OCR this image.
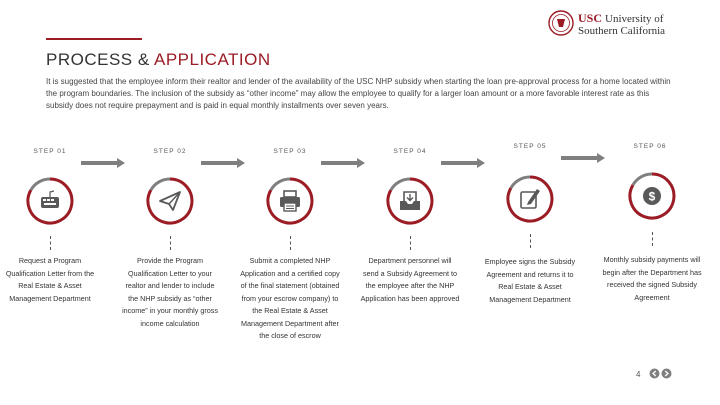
PROCESS & APPLICATION
USC University of
Southern California
It is suggested that the employee inform their realtor and lender of the availability of the USC NHP subsidy when starting the loan pre-approval process for a home located within the program boundaries. The inclusion of the subsidy as “other income” may allow the employee to qualify for a larger loan amount or a more favorable interest rate as this subsidy does not require prepayment and is paid in equal monthly installments over seven years.
STEP 01
Request a Program Qualification Letter from the Real Estate & Asset Management Department
STEP 02
Provide the Program Qualification Letter to your realtor and lender to include the NHP subsidy as “other income” in your monthly gross income calculation
STEP 03
Submit a completed NHP Application and a certified copy of the final statement (obtained from your escrow company) to the Real Estate & Asset Management Department after the close of escrow
STEP 04
Department personnel will send a Subsidy Agreement to the employee after the NHP Application has been approved
STEP 05
Employee signs the Subsidy Agreement and returns it to Real Estate & Asset Management Department
STEP 06
$
Monthly subsidy payments will begin after the Department has received the signed Subsidy Agreement
4
